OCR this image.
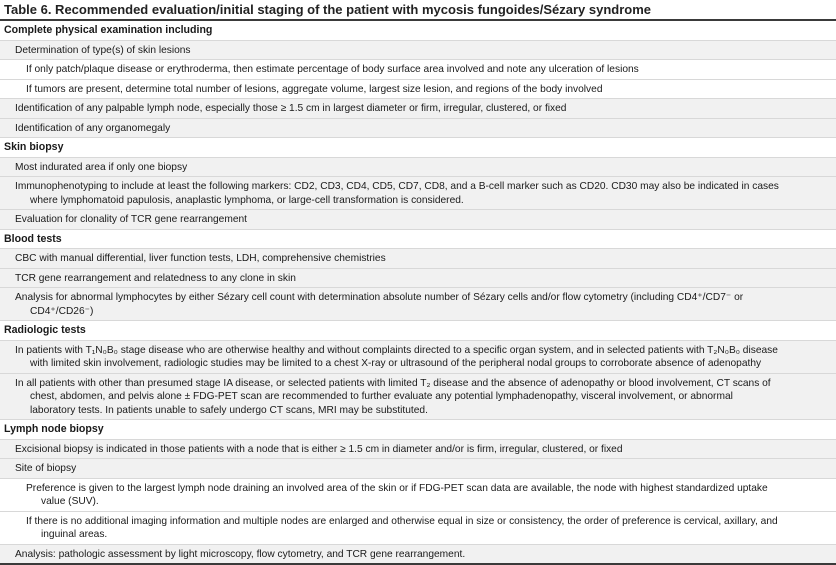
Table 6. Recommended evaluation/initial staging of the patient with mycosis fungoides/Sézary syndrome
Complete physical examination including
Determination of type(s) of skin lesions
If only patch/plaque disease or erythroderma, then estimate percentage of body surface area involved and note any ulceration of lesions
If tumors are present, determine total number of lesions, aggregate volume, largest size lesion, and regions of the body involved
Identification of any palpable lymph node, especially those ≥ 1.5 cm in largest diameter or firm, irregular, clustered, or fixed
Identification of any organomegaly
Skin biopsy
Most indurated area if only one biopsy
Immunophenotyping to include at least the following markers: CD2, CD3, CD4, CD5, CD7, CD8, and a B-cell marker such as CD20. CD30 may also be indicated in cases
where lymphomatoid papulosis, anaplastic lymphoma, or large-cell transformation is considered.
Evaluation for clonality of TCR gene rearrangement
Blood tests
CBC with manual differential, liver function tests, LDH, comprehensive chemistries
TCR gene rearrangement and relatedness to any clone in skin
Analysis for abnormal lymphocytes by either Sézary cell count with determination absolute number of Sézary cells and/or flow cytometry (including CD4⁺/CD7⁻ or
CD4⁺/CD26⁻)
Radiologic tests
In patients with T₁N₀B₀ stage disease who are otherwise healthy and without complaints directed to a specific organ system, and in selected patients with T₂N₀B₀ disease
with limited skin involvement, radiologic studies may be limited to a chest X-ray or ultrasound of the peripheral nodal groups to corroborate absence of adenopathy
In all patients with other than presumed stage IA disease, or selected patients with limited T₂ disease and the absence of adenopathy or blood involvement, CT scans of
chest, abdomen, and pelvis alone ± FDG-PET scan are recommended to further evaluate any potential lymphadenopathy, visceral involvement, or abnormal
laboratory tests. In patients unable to safely undergo CT scans, MRI may be substituted.
Lymph node biopsy
Excisional biopsy is indicated in those patients with a node that is either ≥ 1.5 cm in diameter and/or is firm, irregular, clustered, or fixed
Site of biopsy
Preference is given to the largest lymph node draining an involved area of the skin or if FDG-PET scan data are available, the node with highest standardized uptake
value (SUV).
If there is no additional imaging information and multiple nodes are enlarged and otherwise equal in size or consistency, the order of preference is cervical, axillary, and
inguinal areas.
Analysis: pathologic assessment by light microscopy, flow cytometry, and TCR gene rearrangement.
